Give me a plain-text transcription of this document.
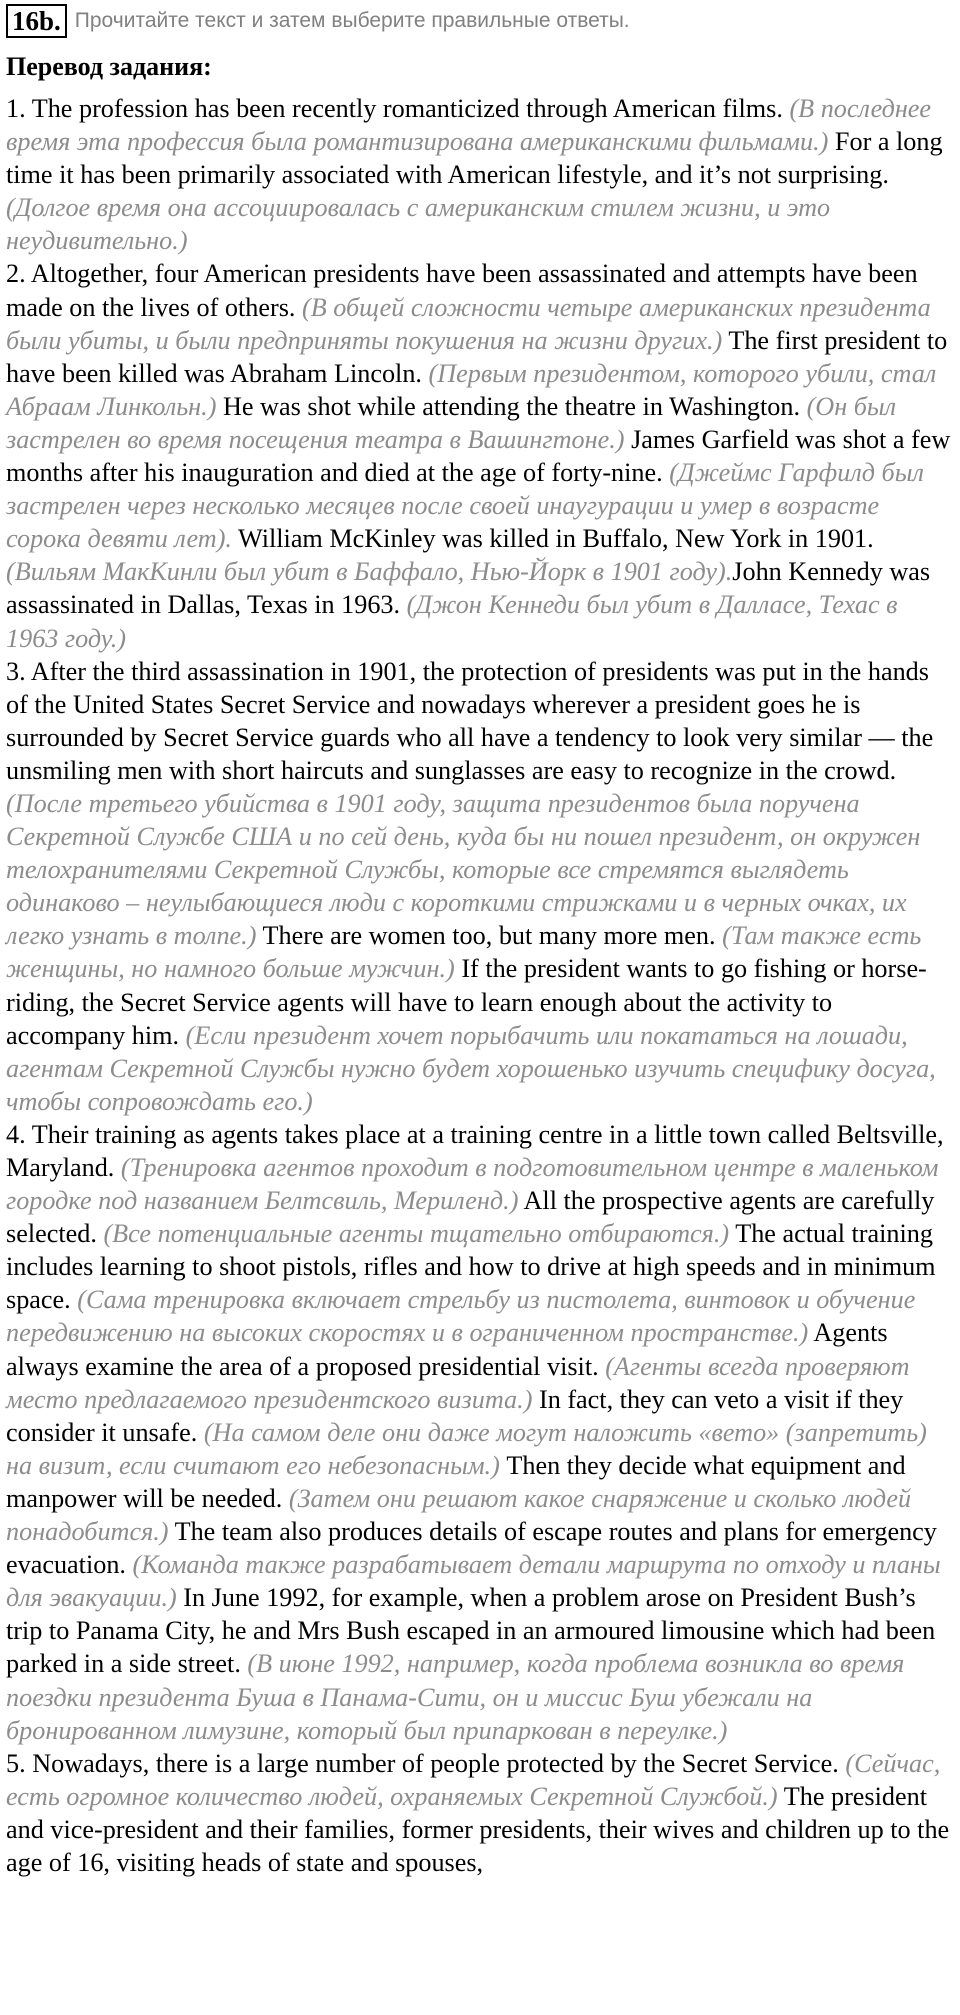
16b. Прочитайте текст и затем выберите правильные ответы.
Перевод задания:

1. The profession has been recently romanticized through American films. (В последнее время эта профессия была романтизирована американскими фильмами.) For a long time it has been primarily associated with American lifestyle, and it’s not surprising. (Долгое время она ассоциировалась с американским стилем жизни, и это неудивительно.)

2. Altogether, four American presidents have been assassinated and attempts have been made on the lives of others. (В общей сложности четыре американских президента были убиты, и были предприняты покушения на жизни других.) The first president to have been killed was Abraham Lincoln. (Первым президентом, которого убили, стал Абраам Линкольн.) He was shot while attending the theatre in Washington. (Он был застрелен во время посещения театра в Вашингтоне.) James Garfield was shot a few months after his inauguration and died at the age of forty-nine. (Джеймс Гарфилд был застрелен через несколько месяцев после своей инаугурации и умер в возрасте сорока девяти лет). William McKinley was killed in Buffalo, New York in 1901. (Вильям МакКинли был убит в Баффало, Нью-Йорк в 1901 году).John Kennedy was assassinated in Dallas, Texas in 1963. (Джон Кеннеди был убит в Далласе, Техас в 1963 году.)

3. After the third assassination in 1901, the protection of presidents was put in the hands of the United States Secret Service and nowadays wherever a president goes he is surrounded by Secret Service guards who all have a tendency to look very similar — the unsmiling men with short haircuts and sunglasses are easy to recognize in the crowd. (После третьего убийства в 1901 году, защита президентов была поручена Секретной Службе США и по сей день, куда бы ни пошел президент, он окружен телохранителями Секретной Службы, которые все стремятся выглядеть одинаково – неулыбающиеся люди с короткими стрижками и в черных очках, их легко узнать в толпе.) There are women too, but many more men. (Там также есть женщины, но намного больше мужчин.) If the president wants to go fishing or horse-riding, the Secret Service agents will have to learn enough about the activity to accompany him. (Если президент хочет порыбачить или покататься на лошади, агентам Секретной Службы нужно будет хорошенько изучить специфику досуга, чтобы сопровождать его.)

4. Their training as agents takes place at a training centre in a little town called Beltsville, Maryland. (Тренировка агентов проходит в подготовительном центре в маленьком городке под названием Белтсвиль, Мериленд.) All the prospective agents are carefully selected. (Все потенциальные агенты тщательно отбираются.) The actual training includes learning to shoot pistols, rifles and how to drive at high speeds and in minimum space. (Сама тренировка включает стрельбу из пистолета, винтовок и обучение передвижению на высоких скоростях и в ограниченном пространстве.) Agents always examine the area of a proposed presidential visit. (Агенты всегда проверяют место предлагаемого президентского визита.) In fact, they can veto a visit if they consider it unsafe. (На самом деле они даже могут наложить «вето» (запретить) на визит, если считают его небезопасным.) Then they decide what equipment and manpower will be needed. (Затем они решают какое снаряжение и сколько людей понадобится.) The team also produces details of escape routes and plans for emergency evacuation. (Команда также разрабатывает детали маршрута по отходу и планы для эвакуации.) In June 1992, for example, when a problem arose on President Bush’s trip to Panama City, he and Mrs Bush escaped in an armoured limousine which had been parked in a side street. (В июне 1992, например, когда проблема возникла во время поездки президента Буша в Панама-Сити, он и миссис Буш убежали на бронированном лимузине, который был припаркован в переулке.)

5. Nowadays, there is a large number of people protected by the Secret Service. (Сейчас, есть огромное количество людей, охраняемых Секретной Службой.) The president and vice-president and their families, former presidents, their wives and children up to the age of 16, visiting heads of state and spouses,
